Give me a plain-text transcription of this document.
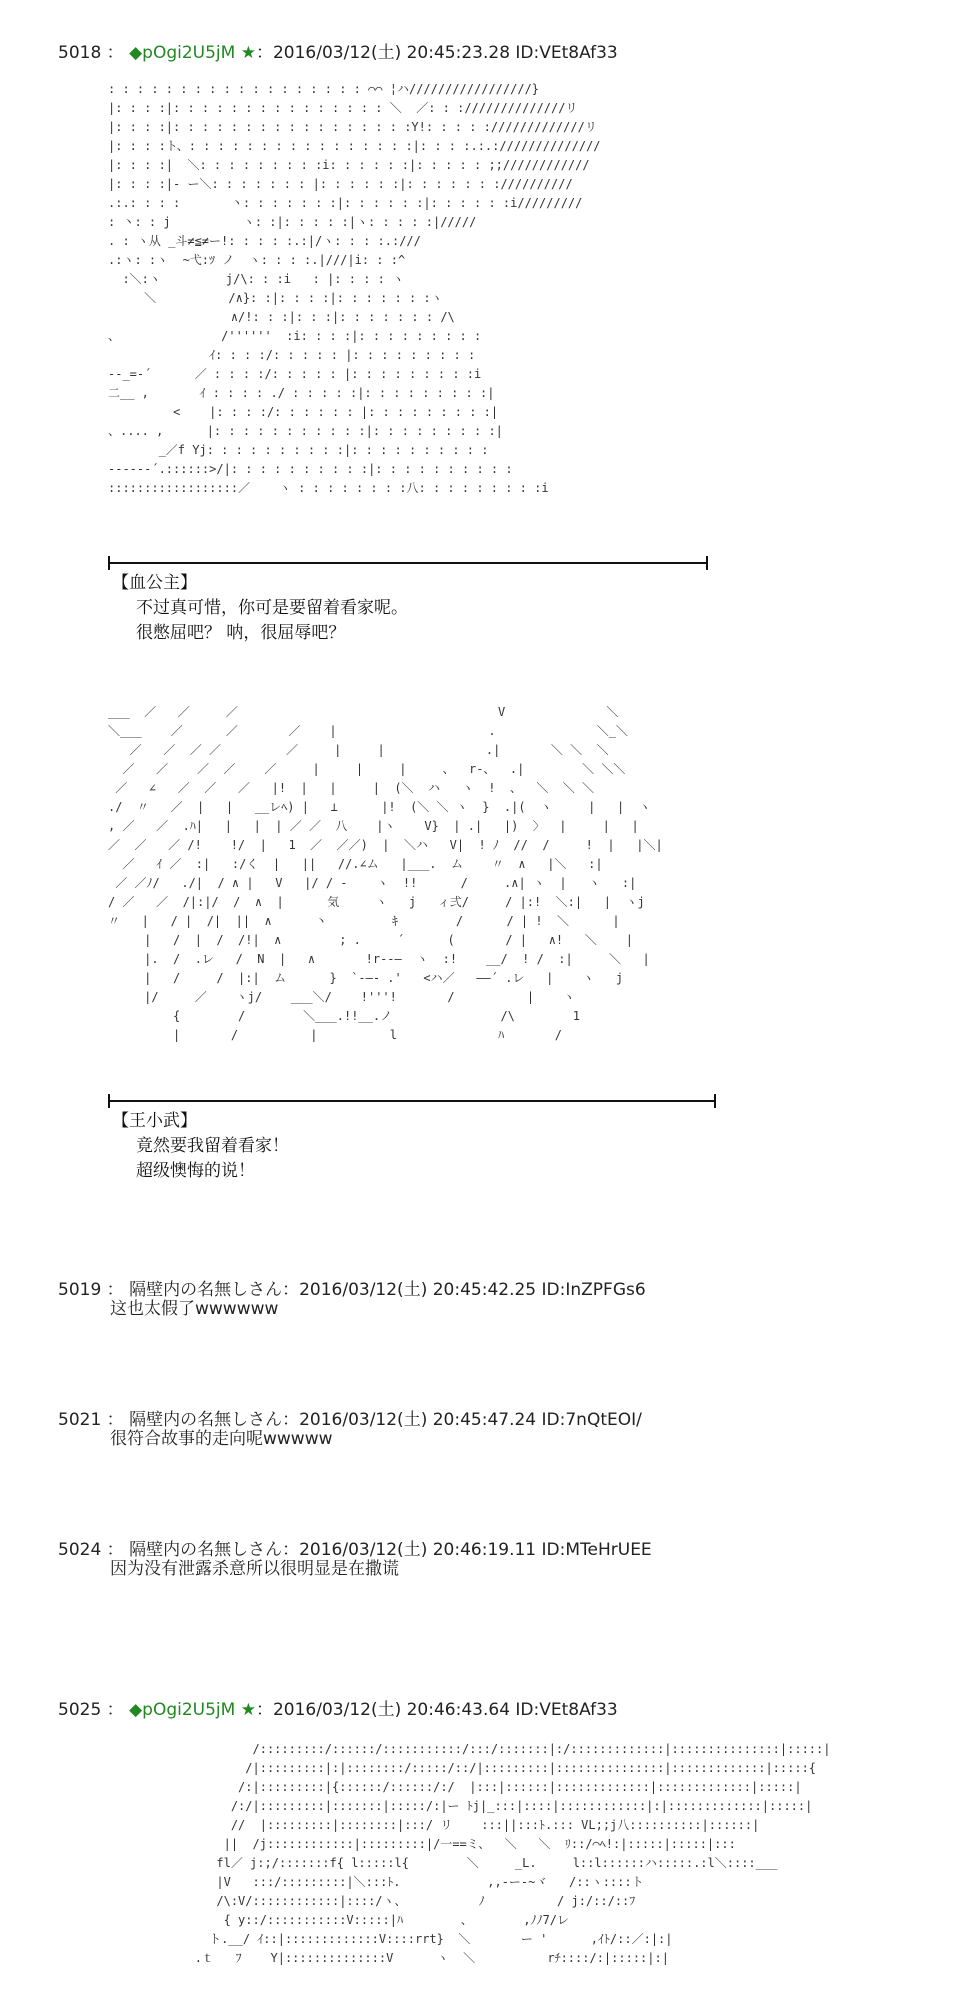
5018 ： ◆pOgi2U5jM ★：2016/03/12(土) 20:45:23.28 ID:VEt8Af33
: : : : : : : : : : : : : : : : : : ⌒⌒ ¦ハ/////////////////}
|: : : :|: : : : : : : : : : : : : : : ＼  ／: : ://////////////リ
|: : : :|: : : : : : : : : : : : : : : : :Y!: : : : ://///////////リ
|: : : :ト、: : : : : : : : : : : : : : : :|: : : :.:.://////////////
|: : : :|  ＼: : : : : : : : :i: : : : : :|: : : : : ;;////////////
|: : : :|- ー＼: : : : : : : |: : : : : :|: : : : : : ://////////
.:.: : : :       丶: : : : : : :|: : : : : :|: : : : : :i/////////
: 丶: : j          ヽ: :|: : : : :|ヽ: : : : :|/////
. : ヽ从 _斗≠≦≠ー!: : : : :.:|/ヽ: : : :.:///
.:ヽ: :ヽ  ~弋:ﾂ ノ  ヽ: : : :.|///|i: : :^
:＼:ヽ         j/\: : :i   : |: : : : ヽ
＼          /∧}: :|: : : :|: : : : : : :ヽ
∧/!: : :|: : :|: : : : : : : /\
、              /''''''  :i: : : :|: : : : : : : : :
ｲ: : : :/: : : : : |: : : : : : : : :
--_=-´      ／ : : : :/: : : : : |: : : : : : : : :i
二__ ,       ｲ : : : : ./ : : : : :|: : : : : : : : :|
<    |: : : :/: : : : : : |: : : : : : : : :|
、.... ,      |: : : : : : : : : : :|: : : : : : : : :|
_／f Yj: : : : : : : : : :|: : : : : : : : : :
------´.::::::>/|: : : : : : : : : :|: : : : : : : : : :
::::::::::::::::::／    ヽ : : : : : : : :八: : : : : : : : :i
【血公主】
不过真可惜，你可是要留着看家呢。
很憋屈吧？ 呐，很屈辱吧？
___  ／   ／     ／                                    V              ＼
＼___    ／      ／       ／    |                     .              ＼_＼
／   ／  ／ ／         ／     |     |              .|       ＼ ＼  ＼
／   ／    ／  ／    ／     |     |     |     、  r‐、  .|        ＼ ＼＼
／   ∠   ／  ／   ／   |!  |   |     |  (＼  ハ   ヽ  !  、  ＼  ＼ ＼
./  〃   ／  |   |   __レﾍ) |   ⊥      |!  (＼ ＼ ヽ  }  .|(  ヽ     |   |  ヽ
, ／   ／  .ﾊ|   |   |  | ／ ／  八    |ヽ    V}  | .|   |)  〉  |     |   |
／  ／   ／ /!    !/  |   1  ／  ／／)  |  ＼ハ   V|  ! ﾉ  //  /     !  |   |＼|
／   ｲ ／  :|   :/く  |   ||   //.∠ム   |___.  ム    〃  ∧   |＼   :|
／ ／ﾉ/   ./|  / ∧ |   V   |/ / ‐    ヽ  !!      /     .∧| ヽ  |   ヽ   :|
/ ／   ／  /|:|/  /  ∧  |      気     ヽ   j   ィ弍/     / |:!  ＼:|   |  ヽj
〃   |   / |  /|  ||  ∧      丶         ｷ        /      / | !  ＼      |
|   /  |  /  /!|  ∧        ; .     ´      (       / |   ∧!   ＼    |
|.  /  .レ   /  N  |   ∧       !r‐‐―  ヽ  :!    __/  ! /  :|     ＼   |
|   /     /  |:|  ム      }  `-―‐ .'   <ハ／   ――´ .レ   |    ヽ   j
|/     ／    ヽj/    ___＼/    !'''!       /          |    ヽ
{        /        ＼___.!!__.ノ               /\        1
|       /          |          l              ﾊ       /
【王小武】
竟然要我留着看家！
超级懊悔的说！
5019 ： 隔壁内の名無しさん：2016/03/12(土) 20:45:42.25 ID:InZPFGs6
这也太假了wwwwww
5021 ： 隔壁内の名無しさん：2016/03/12(土) 20:45:47.24 ID:7nQtEOI/
很符合故事的走向呢wwwww
5024 ： 隔壁内の名無しさん：2016/03/12(土) 20:46:19.11 ID:MTeHrUEE
因为没有泄露杀意所以很明显是在撒谎
5025 ： ◆pOgi2U5jM ★：2016/03/12(土) 20:46:43.64 ID:VEt8Af33
/:::::::::/::::::/:::::::::::/:::/:::::::|:/:::::::::::::|:::::::::::::::|:::::|
/|:::::::::|:|::::::::/:::::/::/|:::::::::|:::::::::::::::|:::::::::::::|:::::{
/:|:::::::::|{::::::/::::::/:/  |:::|::::::|:::::::::::::|:::::::::::::|:::::|
/:/|:::::::::|:::::::|:::::/:|ー ﾄj|_:::|::::|::::::::::::|:|:::::::::::::|:::::|
//  |:::::::::|::::::::|:::/ リ    :::||:::ﾄ.::: VL;;j八::::::::::|::::::|
||  /j::::::::::::|:::::::::|/一==ミ、  ＼   ＼  ﾘ::/⌒ﾍ!:|:::::|:::::|:::
fl／ j:;/:::::::f{ l:::::l{        ＼     _L.     l::l::::::ハ:::::.:l＼::::___
|V   :::/:::::::::|＼:::ﾄ.            ,,-ー‐~ヾ   /::ヽ::::ト
/\:V/::::::::::::|::::/ヽ、          ﾉ          / j:/::/::ﾌ
{ y::/:::::::::::V:::::|ﾊ        、       ,ﾉﾉ7/レ
ト.__/ ｲ::|:::::::::::::V::::rrt}  ＼       ー '      ,ｲﾄ/::／:|:|
.ｔ   ﾌ    Y|::::::::::::::V      ヽ  ＼          rﾁ::::/:|:::::|:|
